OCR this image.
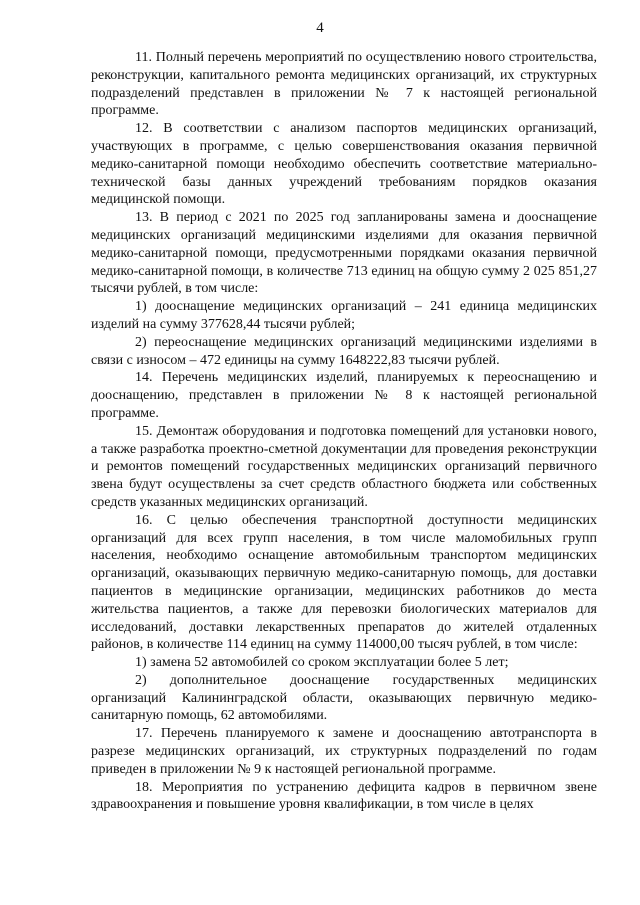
4

11. Полный перечень мероприятий по осуществлению нового строительства, реконструкции, капитального ремонта медицинских организаций, их структурных подразделений представлен в приложении № 7 к настоящей региональной программе.

12. В соответствии с анализом паспортов медицинских организаций, участвующих в программе, с целью совершенствования оказания первичной медико-санитарной помощи необходимо обеспечить соответствие материально-технической базы данных учреждений требованиям порядков оказания медицинской помощи.

13. В период с 2021 по 2025 год запланированы замена и дооснащение медицинских организаций медицинскими изделиями для оказания первичной медико-санитарной помощи, предусмотренными порядками оказания первичной медико-санитарной помощи, в количестве 713 единиц на общую сумму 2 025 851,27 тысячи рублей, в том числе:

1) дооснащение медицинских организаций – 241 единица медицинских изделий на сумму 377628,44 тысячи рублей;

2) переоснащение медицинских организаций медицинскими изделиями в связи с износом – 472 единицы на сумму 1648222,83 тысячи рублей.

14. Перечень медицинских изделий, планируемых к переоснащению и дооснащению, представлен в приложении № 8 к настоящей региональной программе.

15. Демонтаж оборудования и подготовка помещений для установки нового, а также разработка проектно-сметной документации для проведения реконструкции и ремонтов помещений государственных медицинских организаций первичного звена будут осуществлены за счет средств областного бюджета или собственных средств указанных медицинских организаций.

16. С целью обеспечения транспортной доступности медицинских организаций для всех групп населения, в том числе маломобильных групп населения, необходимо оснащение автомобильным транспортом медицинских организаций, оказывающих первичную медико-санитарную помощь, для доставки пациентов в медицинские организации, медицинских работников до места жительства пациентов, а также для перевозки биологических материалов для исследований, доставки лекарственных препаратов до жителей отдаленных районов, в количестве 114 единиц на сумму 114000,00 тысяч рублей, в том числе:

1) замена 52 автомобилей со сроком эксплуатации более 5 лет;

2) дополнительное дооснащение государственных медицинских организаций Калининградской области, оказывающих первичную медико-санитарную помощь, 62 автомобилями.

17. Перечень планируемого к замене и дооснащению автотранспорта в разрезе медицинских организаций, их структурных подразделений по годам приведен в приложении № 9 к настоящей региональной программе.

18. Мероприятия по устранению дефицита кадров в первичном звене здравоохранения и повышение уровня квалификации, в том числе в целях
